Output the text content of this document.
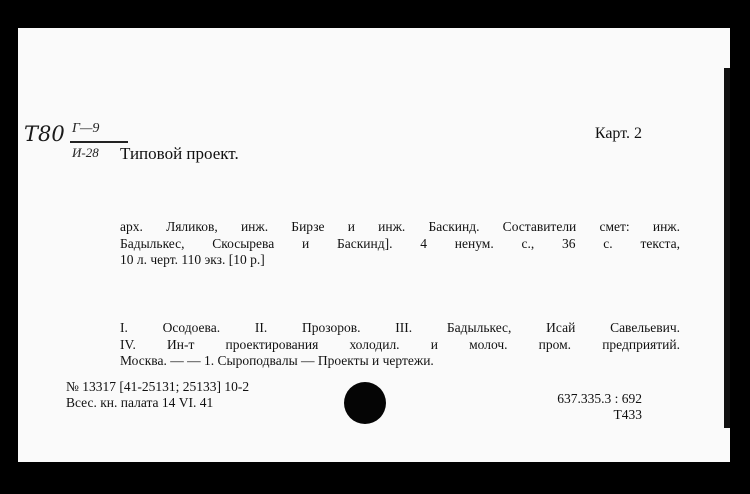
Т80 Г—9
И-28 Типовой проект.
Карт. 2
арх. Ляликов, инж. Бирзе и инж. Баскинд. Составители смет: инж.
Бадылькес, Скосырева и Баскинд]. 4 ненум. с., 36 с. текста,
10 л. черт. 110 экз. [10 р.]
I. Осодоева. II. Прозоров. III. Бадылькес, Исай Савельевич.
IV. Ин-т проектирования холодил. и молоч. пром. предприятий.
Москва. — — 1. Сыроподвалы — Проекты и чертежи.
№ 13317 [41-25131; 25133] 10-2
Всес. кн. палата 14 VI. 41	637.335.3 : 692
Т433
